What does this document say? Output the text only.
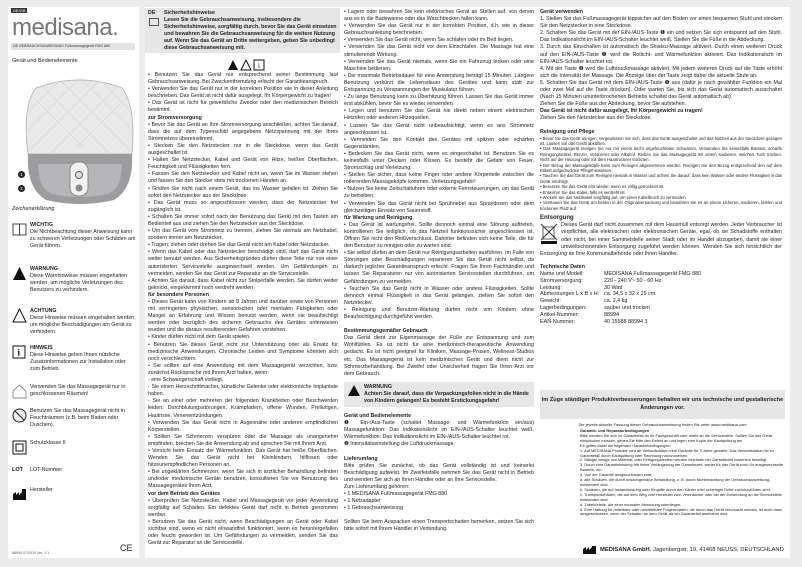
DE/GB
medisana.
DE GEBRAUCHSANWEISUNG Fußmassagegerät FMG 880
Gerät und Bedienelemente
1
2
Zeichenerklärung
WICHTIG
Die Nichtbeachtung dieser Anweisung kann zu schweren Verletzungen oder Schäden am Gerät führen.
WARNUNG
Diese Warnhinweise müssen eingehalten werden, um mögliche Verletzungen des Benutzers zu verhindern.
ACHTUNG
Diese Hinweise müssen eingehalten werden, um mögliche Beschädigungen am Gerät zu verhindern.
i HINWEIS
Diese Hinweise geben Ihnen nützliche Zusatzinformationen zur Installation oder zum Betrieb.
Verwenden Sie das Massagegerät nur in geschlossenen Räumen!
Benutzen Sie das Massagegerät nicht in Feuchträumen (z.B. beim Baden oder Duschen).
Schutzklasse II
LOT	LOT-Nummer
Hersteller
88994 07/2019 Ver. 1.1	CE
DE Sicherheitshinweise
Lesen Sie die Gebrauchsanweisung, insbesondere die Sicherheitshinweise, sorgfältig durch, bevor Sie das Gerät einsetzen und bewahren Sie die Gebrauchsanweisung für die weitere Nutzung auf. Wenn Sie das Gerät an Dritte weitergeben, geben Sie unbedingt diese Gebrauchsanweisung mit.
i

• Benutzen Sie das Gerät nur entsprechend seiner Bestimmung laut Gebrauchsanweisung. Bei Zweckentfremdung erlischt der Garantieanspruch.

• Verwenden Sie das Gerät nur in der korrekten Position wie in dieser Anleitung beschrieben. Das Gerät ist nicht dafür ausgelegt, Ihr Körpergewicht zu tragen!

• Das Gerät ist nicht für gewerbliche Zwecke oder den medizinischen Bereich bestimmt.

zur Stromversorgung

• Bevor Sie das Gerät an Ihre Stromversorgung anschließen, achten Sie darauf, dass die auf dem Typenschild angegebene Netzspannung mit der Ihres Stromnetzes übereinstimmt.

• Stecken Sie den Netzstecker nur in die Steckdose, wenn das Gerät ausgeschaltet ist.

• Halten Sie Netzstecker, Kabel und Gerät von Hitze, heißen Oberflächen, Feuchtigkeit und Flüssigkeiten fern.

• Fassen Sie den Netzstecker und Kabel nicht an, wenn Sie im Wasser stehen und fassen Sie den Stecker stets mit trockenen Händen an.

• Greifen Sie nicht nach einem Gerät, das ins Wasser gefallen ist. Ziehen Sie sofort den Netzstecker aus der Steckdose.

• Das Gerät muss so angeschlossen werden, dass der Netzstecker frei zugänglich ist.

• Schalten Sie immer sofort nach der Benutzung das Gerät mit den Tasten am Bedienteil aus und ziehen Sie den Netzstecker aus der Steckdose.

• Um das Gerät vom Stromnetz zu trennen, ziehen Sie niemals am Netzkabel, sondern immer am Netzstecker.

• Tragen, ziehen oder drehen Sie das Gerät nicht am Kabel oder Netzstecker.

• Wenn das Kabel oder das Netzstecker beschädigt sind, darf das Gerät nicht weiter benutzt werden. Aus Sicherheitsgründen dürfen diese Teile nur von einer autorisierten Servicestelle ausgewechselt werden. Um Gefährdungen zu vermeiden, senden Sie das Gerät zur Reparatur an die Servicestelle.

• Achten Sie darauf, dass Kabel nicht zur Stolperfalle werden. Sie dürfen weder geknickt, eingeklemmt noch verdreht werden.

für besondere Personen

• Dieses Gerät kann von Kindern ab 8 Jahren und darüber sowie von Personen mit verringerten physischen, sensorischen oder mentalen Fähigkeiten oder Mangel an Erfahrung und Wissen benutzt werden, wenn sie beaufsichtigt werden oder bezüglich des sicheren Gebrauchs des Gerätes unterwiesen wurden und die daraus resultierenden Gefahren verstehen.

• Kinder dürfen nicht mit dem Gerät spielen.

• Benutzen Sie dieses Gerät nicht zur Unterstützung oder als Ersatz für medizinische Anwendungen. Chronische Leiden und Symptome könnten sich noch verschlechtern.

• Sie sollten auf eine Anwendung mit dem Massagegerät verzichten, bzw. zunächst Rücksprache mit Ihrem Arzt halten, wenn:

- eine Schwangerschaft vorliegt,

- Sie einen Herzschrittmacher, künstliche Gelenke oder elektronische Implantate haben.

- Sie an einer oder mehreren der folgenden Krankheiten oder Beschwerden leiden: Durchblutungsstörungen, Krampfadern, offene Wunden, Prellungen, Hautrisse, Venenentzündungen.

• Verwenden Sie das Gerät nicht in Augennähe oder anderen empfindlichen Körperstellen.

• Sollten Sie Schmerzen verspüren oder die Massage als unangenehm empfinden, brechen Sie die Anwendung ab und sprechen Sie mit Ihrem Arzt.

• Vorsicht beim Einsatz der Wärmefunktion. Das Gerät hat heiße Oberflächen. Wenden Sie das Gerät nicht bei Kleinkindern, hilflosen oder hitzeunempfindlichen Personen an.

• Bei ungeklärten Schmerzen, wenn Sie sich in ärztlicher Behandlung befinden und/oder medizinische Geräte benutzen, konsultieren Sie vor Benutzung des Massagegerätes Ihren Arzt.

vor dem Betrieb des Gerätes

• Überprüfen Sie Netzstecker, Kabel und Massagegerät vor jeder Anwendung sorgfältig auf Schäden. Ein defektes Gerät darf nicht in Betrieb genommen werden.

• Benutzen Sie das Gerät nicht, wenn Beschädigungen an Gerät oder Kabel sichtbar sind, wenn es nicht einwandfrei funktioniert, wenn es heruntergefallen oder feucht geworden ist. Um Gefährdungen zu vermeiden, senden Sie das Gerät zur Reparatur an die Servicestelle.

• Lagern oder bewahren Sie kein elektrisches Gerät an Stellen auf, von denen aus es in die Badewanne oder das Waschbecken fallen kann.

• Verwenden Sie das Gerät nur in der korrekten Position, d.h. wie in dieser Gebrauchsanleitung beschrieben.

• Verwenden Sie das Gerät nicht, wenn Sie schlafen oder im Bett liegen.

• Verwenden Sie das Gerät nicht vor dem Einschlafen. Die Massage hat eine stimulierende Wirkung.

• Verwenden Sie das Gerät niemals, wenn Sie ein Fahrzeug lenken oder eine Maschine bedienen.

• Die maximale Betriebsdauer für eine Anwendung beträgt 15 Minuten. Längere Benutzung verkürzt die Lebensdauer des Gerätes und kann statt zur Entspannung zu Verspannungen der Muskulatur führen.

• Zu lange Benutzung kann zu Überhitzung führen. Lassen Sie das Gerät immer erst abkühlen, bevor Sie es wieder verwenden.

• Legen und benutzen Sie das Gerät nie direkt neben einem elektrischen Heizofen oder anderen Hitzequellen.

• Lassen Sie das Gerät nicht unbeaufsichtigt, wenn es ans Stromnetz angeschlossen ist.

• Vermeiden Sie den Kontakt des Gerätes mit spitzen oder scharfen Gegenständen.

• Bedecken Sie das Gerät nicht, wenn es eingeschaltet ist. Benutzen Sie es keinesfalls unter Decken oder Kissen. Es besteht die Gefahr von Feuer, Stromschlag und Verletzung.

• Stellen Sie sicher, dass keine Finger oder andere Körperteile zwischen die rotierenden Massageköpfe kommen. Verletzungsgefahr!

• Nutzen Sie keine Zeitschaltuhren oder externe Fernsteuerungen, um das Gerät zu betreiben.

• Verwenden Sie das Gerät nicht bei Sprühnebel aus Spraydosen oder dem gleichzeitigen Einsatz von Sauerstoff.

für Wartung und Reinigung

• Das Gerät ist wartungsfrei. Sollte dennoch einmal eine Störung auftreten, kontrollieren Sie lediglich, ob das Netzteil funktionssicher angeschlossen ist. Öffnen Sie nicht den Reißverschluss. Dahinter befinden sich keine Teile, die für den Benutzer zu reinigen oder zu warten sind.

• Sie selbst dürfen an dem Gerät nur Reinigungsarbeiten ausführen. Im Falle von Störungen oder Beschädigungen reparieren Sie das Gerät nicht selbst, da dadurch jeglicher Garantieanspruch erlischt. Fragen Sie Ihren Fachhändler und lassen Sie Reparaturen nur von autorisierten Servicestellen durchführen, um Gefährdungen zu vermeiden.

• Tauchen Sie das Gerät nicht in Wasser oder andere Flüssigkeiten. Sollte dennoch einmal Flüssigkeit in das Gerät gelangen, ziehen Sie sofort den Netzstecker.

• Reinigung und Benutzer-Wartung dürfen nicht von Kindern ohne Beaufsichtigung durchgeführt werden.

Bestimmungsgemäßer Gebrauch

Das Gerät dient zur Eigenmassage der Füße zur Entspannung und zum Wohlfühlen. Es ist nicht für eine medizinisch-therapeutische Anwendung gedacht. Es ist nicht geeignet für Kliniken, Massage-Praxen, Wellness-Studios etc. Das Massagegerät ist kein medizinisches Gerät und dient nicht zur Schmerzbehandlung. Bei Zweifel oder Unsicherheit fragen Sie Ihren Arzt vor dem Gebrauch.

WARNUNG
Achten Sie darauf, dass die Verpackungsfolien nicht in die Hände von Kindern gelangen! Es besteht Erstickungsgefahr!
Gerät und Bedienelemente

❶ Ein-/Aus-Taste (schaltet Massage- und Wärmefunktion ein/aus) Massagefunktion: Das Indikationslicht im EIN-/AUS-Schalter leuchtet weiß. Wärmefunktion: Das Indikationslicht im EIN-/AUS-Schalter leuchtet rot.

❷ Intensitätseinstellung der Luftdruckmassage

Lieferumfang

Bitte prüfen Sie zunächst, ob das Gerät vollständig ist und keinerlei Beschädigung aufweist. Im Zweifelsfalle nehmen Sie das Gerät nicht in Betrieb und wenden Sie sich an Ihren Händler oder an Ihre Servicestelle.

Zum Lieferumfang gehören:

• 1 MEDISANA Fußmassagegerät FMG 880

• 1 Netzadapter

• 1 Gebrauchsanweisung

Sollten Sie beim Auspacken einen Transportschaden bemerken, setzen Sie sich bitte sofort mit Ihrem Händler in Verbindung.

Gerät verwenden

1. Stellen Sie das Fußmassagegerät kippsicher auf den Boden vor einen bequemen Stuhl und stecken Sie den Netzstecker in eine Steckdose.

2. Schalten Sie das Gerät mit der EIN-/AUS-Taste ❶ ein und setzen Sie sich entspannt auf den Stuhl. Das Indikationslicht im EIN-/AUS-Schalter leuchtet weiß. Stellen Sie die Füße in die Abdeckung.

3. Durch das Einschalten ist automatisch die Shiatsu-Massage aktiviert. Durch einen weiteren Druck auf den EIN-/AUS-Taste ❶ wird die Rotlicht- und Wärmefunktion aktiviert. Das Indikationslicht im EIN-/AUS-Schalter leuchtet rot.

4. Mit der Taste ❷ wird die Luftdruckmassage aktiviert. Mit jedem weiteren Druck auf die Taste erhöht sich die Intensität der Massage. Die Anzeige über der Taste zeigt dabei die aktuelle Stufe an.

5. Schalten Sie das Gerät mit dem EIN-/AUS-Taste ❶ aus (dafür je nach gewählter Funktion ein Mal oder zwei Mal auf die Taste drücken). Oder warten Sie, bis sich das Gerät automatisch ausschaltet (Nach 15 Minuten ununterbrochenen Betriebs schaltet das Gerät automatisch ab).

Ziehen Sie die Füße aus der Abdeckung, bevor Sie aufstehen.

Das Gerät ist nicht dafür ausgelegt, Ihr Körpergewicht zu tragen!
Ziehen Sie den Netzstecker aus der Steckdose.
Reinigung und Pflege

• Bevor Sie das Gerät reinigen, vergewissern Sie sich, dass das Gerät ausgeschaltet und das Netzteil aus der Steckdose gezogen ist. Lassen Sie das Gerät abkühlen.

• Das Massagegerät reinigen Sie nur mit einem leicht angefeuchteten Schwamm. Verwenden Sie keinesfalls Bürsten, scharfe Reinigungsmittel, Benzin, Verdünner oder Alkohol. Reiben Sie das Massagegerät mit einem sauberen, weichen Tuch trocken. Nicht auf der Heizung oder mit dem Haartrockner trocknen.

• Der Bezug der Massageköpfe kann zum Reinigen abgenommen werden. Reinigen Sie den Bezug entsprechend den auf dem Etikett aufgedruckten Pflegehinweisen.

• Tauchen Sie das Gerät zum Reinigen niemals in Wasser und achten Sie darauf, dass kein Wasser oder andere Flüssigkeit in das Gerät eindringt.

• Benutzen Sie das Gerät erst wieder, wenn es völlig getrocknet ist.

• Entwirren Sie das Kabel, falls es verdreht ist.

• Wickeln Sie das Netzkabel sorgfältig auf, um einen Kabelbruch zu vermeiden.

• Verstauen Sie das Gerät am besten in der Originalverpackung und bewahren Sie es an einem sicheren, sauberen, kühlen und trockenen Platz auf.

Entsorgung

Dieses Gerät darf nicht zusammen mit dem Hausmüll entsorgt werden. Jeder Verbraucher ist verpflichtet, alle elektrischen oder elektronischen Geräte, egal, ob sie Schadstoffe enthalten oder nicht, bei einer Sammelstelle seiner Stadt oder im Handel abzugeben, damit sie einer umweltschonenden Entsorgung zugeführt werden können. Wenden Sie sich hinsichtlich der Entsorgung an Ihre Kommunalbehörde oder Ihren Händler.

Technische Daten
Name und Modell:	MEDISANA Fußmassagegerät FMG 880
Stromversorgung:	220 - 240 V~ 50 - 60 Hz
Leistung:	30 Watt
Abmessungen L x B x H: ca. 34,5 x 32 x 15 cm
Gewicht:	ca. 2,4 kg
Lagerbedingungen:	sauber und trocken
Artikel-Nummer:	88994
EAN-Nummer:	40 15588 88994 3
Im Zuge ständiger Produktverbesserungen behalten wir uns technische und gestalterische Änderungen vor.
Die jeweils aktuelle Fassung dieser Gebrauchsanweisung finden Sie unter www.medisana.com
Garantie- und Reparaturbedingungen

Bitte wenden Sie sich im Garantiefall an Ihr Fachgeschäft oder direkt an die Servicestelle. Sollten Sie das Gerät einschicken müssen, geben Sie bitte den Defekt an und legen eine Kopie der Kaufquittung bei.

Es gelten dabei die folgenden Garantiebedingungen:

1. Auf MEDISANA Produkte wird ab Verkaufsdatum eine Garantie für 3 Jahre gewährt. Das Verkaufsdatum ist im Garantiefall durch Kaufquittung oder Rechnung nachzuweisen.

2. Mängel infolge von Material- oder Fertigungsfehlern werden innerhalb der Garantiezeit kostenlos beseitigt.

3. Durch eine Garantieleistung tritt keine Verlängerung der Garantiezeit, weder für das Gerät noch für ausgewechselte Bauteile, ein.

4. Von der Garantie ausgeschlossen sind:

a. alle Schäden, die durch unsachgemäße Behandlung, z. B. durch Nichtbeachtung der Gebrauchsanweisung, entstanden sind.

b. Schäden, die auf Instandsetzung oder Eingriffe durch den Käufer oder unbefugte Dritte zurückzuführen sind.

c. Transportschäden, die auf dem Weg vom Hersteller zum Verbraucher oder bei der Einsendung an die Servicestelle entstanden sind.

d. Zubehörteile, die einer normalen Abnutzung unterliegen.

5. Eine Haftung für mittelbare oder unmittelbare Folgeschäden, die durch das Gerät verursacht werden, ist auch dann ausgeschlossen, wenn der Schaden an dem Gerät als ein Garantiefall anerkannt wird.

MEDISANA GmbH , Jagenbergstr. 19, 41468 NEUSS, DEUTSCHLAND
